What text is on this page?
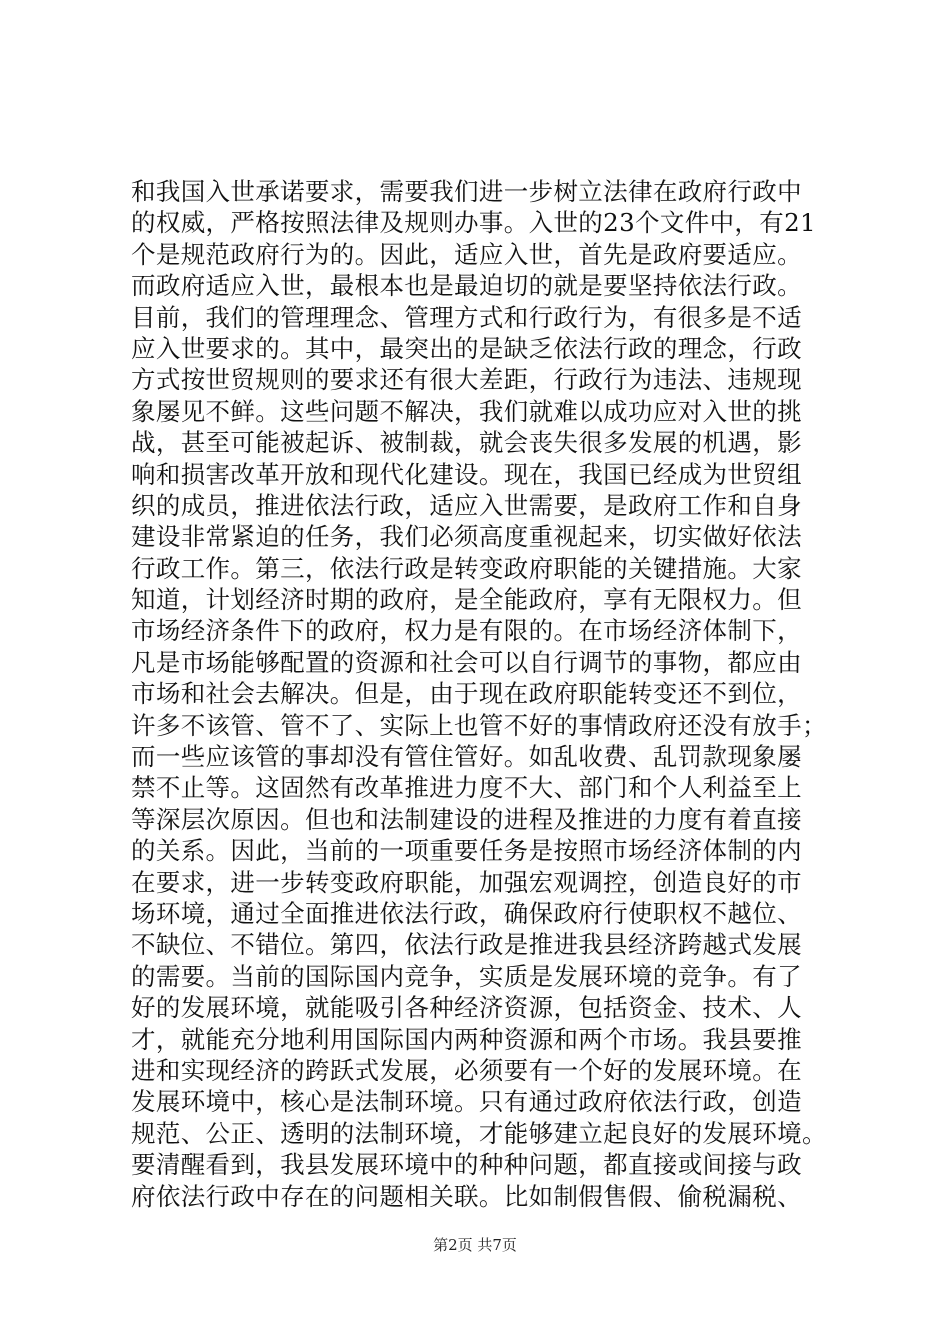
和我国入世承诺要求，需要我们进一步树立法律在政府行政中
的权威，严格按照法律及规则办事。入世的23个文件中，有21
个是规范政府行为的。因此，适应入世，首先是政府要适应。
而政府适应入世，最根本也是最迫切的就是要坚持依法行政。
目前，我们的管理理念、管理方式和行政行为，有很多是不适
应入世要求的。其中，最突出的是缺乏依法行政的理念，行政
方式按世贸规则的要求还有很大差距，行政行为违法、违规现
象屡见不鲜。这些问题不解决，我们就难以成功应对入世的挑
战，甚至可能被起诉、被制裁，就会丧失很多发展的机遇，影
响和损害改革开放和现代化建设。现在，我国已经成为世贸组
织的成员，推进依法行政，适应入世需要，是政府工作和自身
建设非常紧迫的任务，我们必须高度重视起来，切实做好依法
行政工作。第三，依法行政是转变政府职能的关键措施。大家
知道，计划经济时期的政府，是全能政府，享有无限权力。但
市场经济条件下的政府，权力是有限的。在市场经济体制下，
凡是市场能够配置的资源和社会可以自行调节的事物，都应由
市场和社会去解决。但是，由于现在政府职能转变还不到位，
许多不该管、管不了、实际上也管不好的事情政府还没有放手；
而一些应该管的事却没有管住管好。如乱收费、乱罚款现象屡
禁不止等。这固然有改革推进力度不大、部门和个人利益至上
等深层次原因。但也和法制建设的进程及推进的力度有着直接
的关系。因此，当前的一项重要任务是按照市场经济体制的内
在要求，进一步转变政府职能，加强宏观调控，创造良好的市
场环境，通过全面推进依法行政，确保政府行使职权不越位、
不缺位、不错位。第四，依法行政是推进我县经济跨越式发展
的需要。当前的国际国内竞争，实质是发展环境的竞争。有了
好的发展环境，就能吸引各种经济资源，包括资金、技术、人
才，就能充分地利用国际国内两种资源和两个市场。我县要推
进和实现经济的跨跃式发展，必须要有一个好的发展环境。在
发展环境中，核心是法制环境。只有通过政府依法行政，创造
规范、公正、透明的法制环境，才能够建立起良好的发展环境。
要清醒看到，我县发展环境中的种种问题，都直接或间接与政
府依法行政中存在的问题相关联。比如制假售假、偷税漏税、
第2页 共7页
